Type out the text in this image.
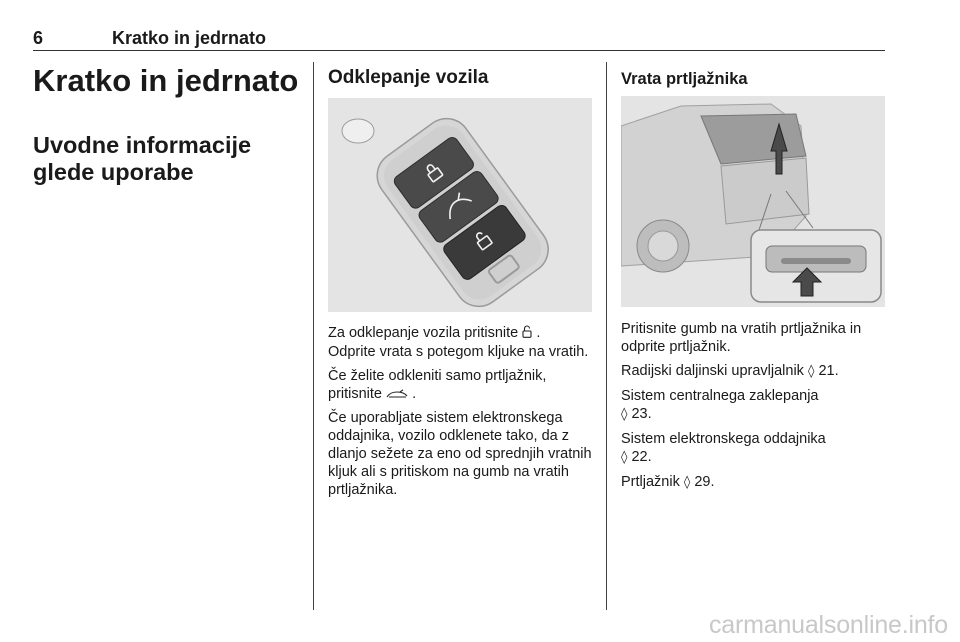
6	Kratko in jedrnato
Kratko in jedrnato
Uvodne informacije glede uporabe
Odklepanje vozila

Za odklepanje vozila pritisnite .
Odprite vrata s potegom kljuke na vratih.

Če želite odkleniti samo prtljažnik, pritisnite .

Če uporabljate sistem elektronskega oddajnika, vozilo odklenete tako, da z dlanjo sežete za eno od sprednjih vratnih kljuk ali s pritiskom na gumb na vratih prtljažnika.

Vrata prtljažnika

Pritisnite gumb na vratih prtljažnika in odprite prtljažnik.

Radijski daljinski upravljalnik ◊ 21.

Sistem centralnega zaklepanja
◊ 23.

Sistem elektronskega oddajnika
◊ 22.

Prtljažnik ◊ 29.

carmanualsonline.info
